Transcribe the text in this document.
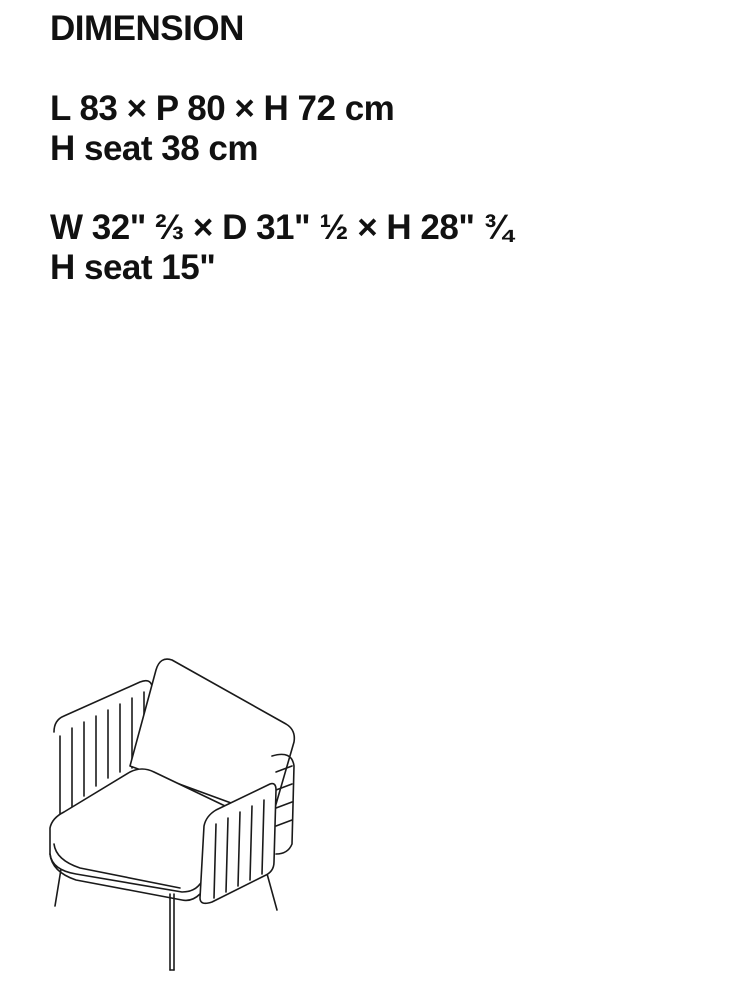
DIMENSION
L 83 × P 80 × H 72 cm
H seat 38 cm
W 32" ⅔ × D 31" ½ × H 28" ¾
H seat 15"
